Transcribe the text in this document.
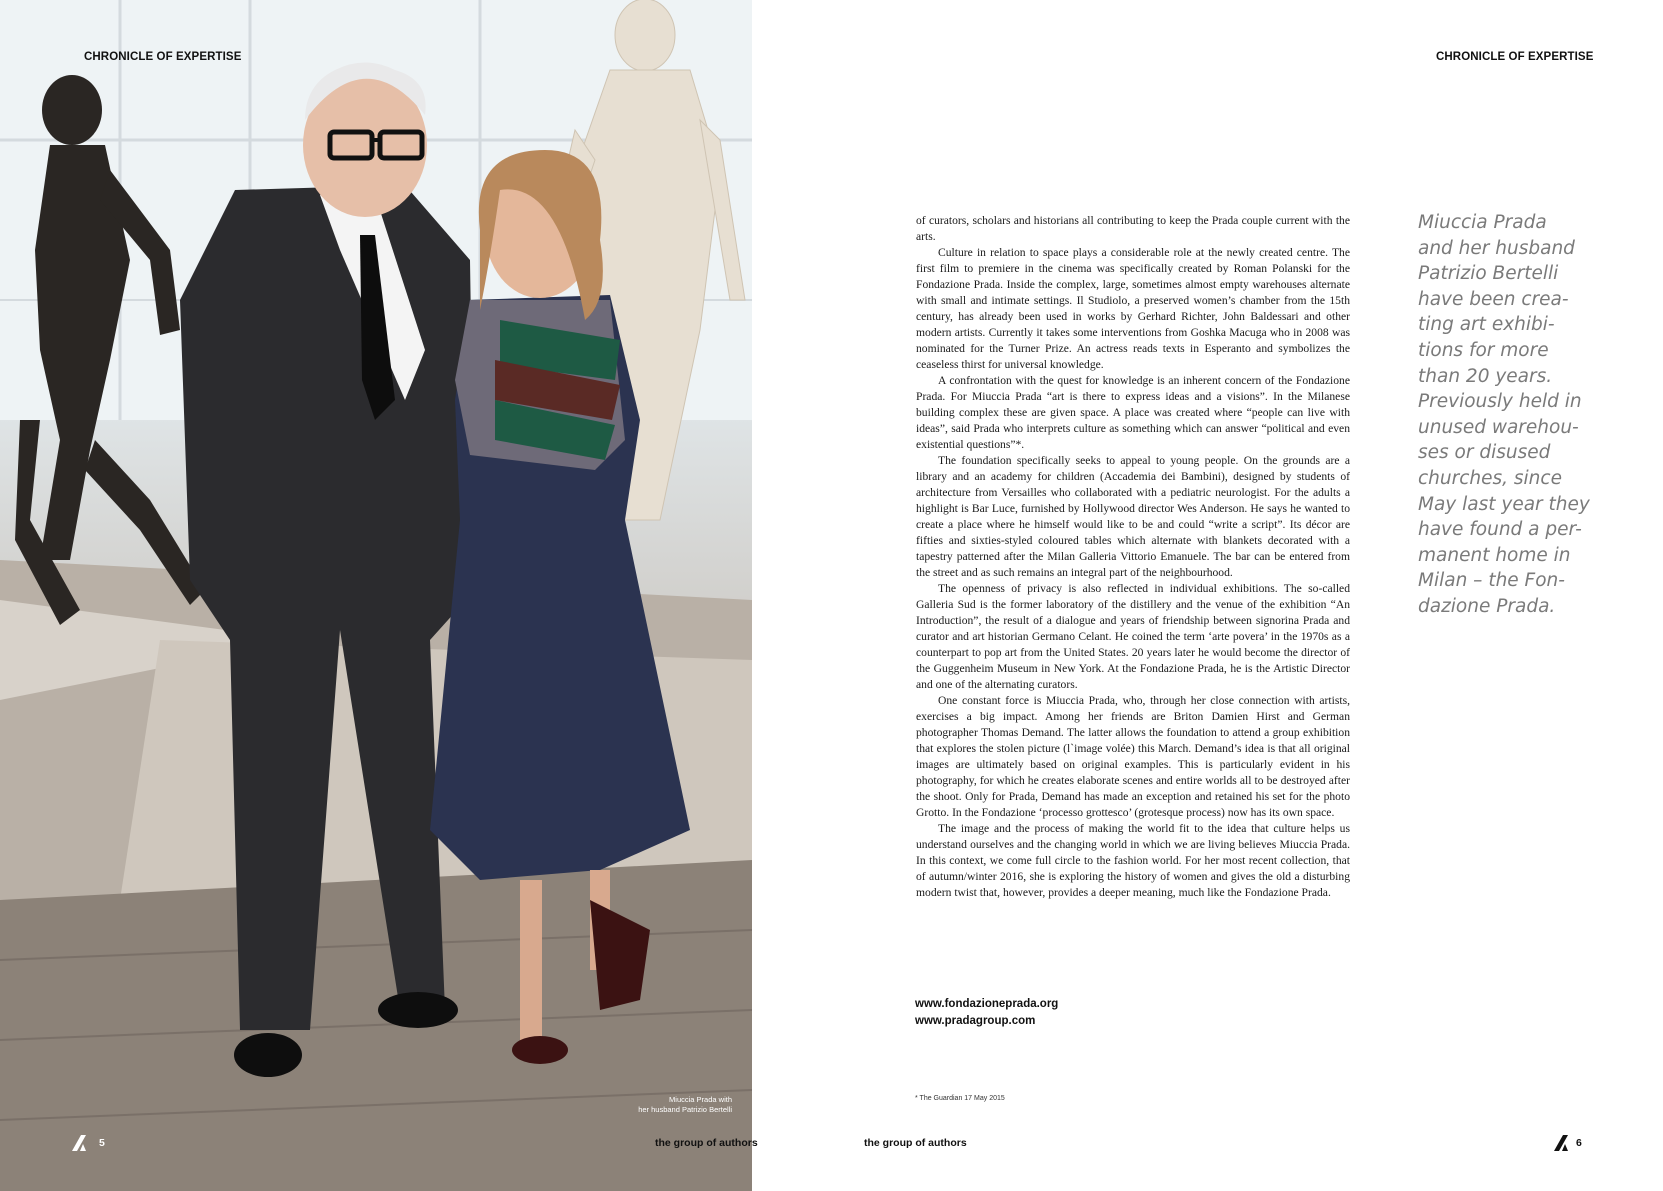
CHRONICLE OF EXPERTISE
Miuccia Prada with
her husband Patrizio Bertelli
5	the group of authors
CHRONICLE OF EXPERTISE

of curators, scholars and historians all contributing to keep the Prada couple current with the arts.

Culture in relation to space plays a considerable role at the newly created centre. The first film to premiere in the cinema was specifically created by Roman Polanski for the Fondazione Prada. Inside the complex, large, sometimes almost empty warehouses alternate with small and intimate settings. Il Studiolo, a preserved women’s chamber from the 15th century, has already been used in works by Gerhard Richter, John Baldessari and other modern artists. Currently it takes some interventions from Goshka Macuga who in 2008 was nominated for the Turner Prize. An actress reads texts in Esperanto and symbolizes the ceaseless thirst for universal knowledge.

A confrontation with the quest for knowledge is an inherent concern of the Fondazione Prada. For Miuccia Prada “art is there to express ideas and a visions”. In the Milanese building complex these are given space. A place was created where “people can live with ideas”, said Prada who interprets culture as something which can answer “political and even existential questions”*.

The foundation specifically seeks to appeal to young people. On the grounds are a library and an academy for children (Accademia dei Bambini), designed by students of architecture from Versailles who collaborated with a pediatric neurologist. For the adults a highlight is Bar Luce, furnished by Hollywood director Wes Anderson. He says he wanted to create a place where he himself would like to be and could “write a script”. Its décor are fifties and sixties-styled coloured tables which alternate with blankets decorated with a tapestry patterned after the Milan Galleria Vittorio Emanuele. The bar can be entered from the street and as such remains an integral part of the neighbourhood.

The openness of privacy is also reflected in individual exhibitions. The so-called Galleria Sud is the former laboratory of the distillery and the venue of the exhibition “An Introduction”, the result of a dialogue and years of friendship between signorina Prada and curator and art historian Germano Celant. He coined the term ‘arte povera’ in the 1970s as a counterpart to pop art from the United States. 20 years later he would become the director of the Guggenheim Museum in New York. At the Fondazione Prada, he is the Artistic Director and one of the alternating curators.

One constant force is Miuccia Prada, who, through her close connection with artists, exercises a big impact. Among her friends are Briton Damien Hirst and German photographer Thomas Demand. The latter allows the foundation to attend a group exhibition that explores the stolen picture (l`image volée) this March. Demand’s idea is that all original images are ultimately based on original examples. This is particularly evident in his photography, for which he creates elaborate scenes and entire worlds all to be destroyed after the shoot. Only for Prada, Demand has made an exception and retained his set for the photo Grotto. In the Fondazione ‘processo grottesco’ (grotesque process) now has its own space.

The image and the process of making the world fit to the idea that culture helps us understand ourselves and the changing world in which we are living believes Miuccia Prada. In this context, we come full circle to the fashion world. For her most recent collection, that of autumn/winter 2016, she is exploring the history of women and gives the old a disturbing modern twist that, however, provides a deeper meaning, much like the Fondazione Prada.

www.fondazioneprada.org
www.pradagroup.com
* The Guardian 17 May 2015
Miuccia Prada
and her husband
Patrizio Bertelli
have been crea-
ting art exhibi-
tions for more
than 20 years.
Previously held in
unused warehou-
ses or disused
churches, since
May last year they
have found a per-
manent home in
Milan – the Fon-
dazione Prada.
the group of authors	6
